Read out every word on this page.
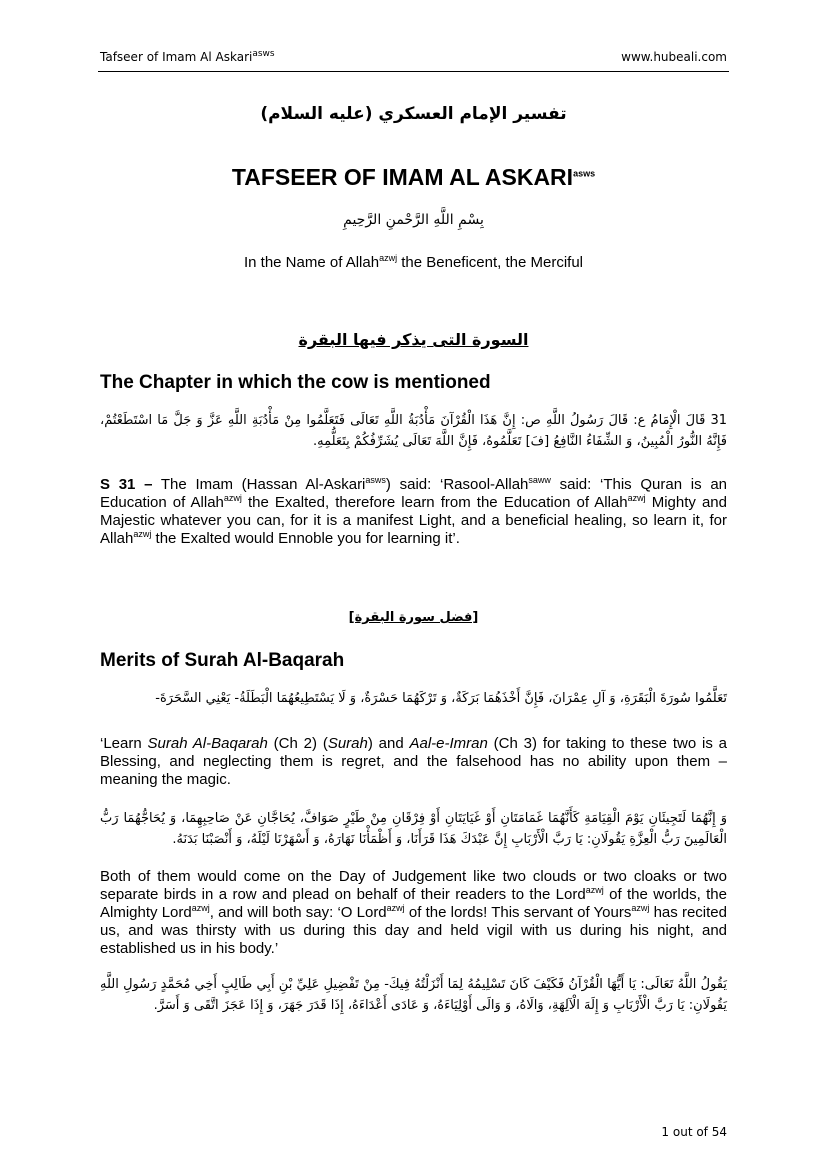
Tafseer of Imam Al Askari$^{asws}$	www.hubeali.com
تفسير الإمام العسكري (عليه السلام)
TAFSEER OF IMAM AL $ASKARI^{asws}$
بِسْمِ اللَّهِ الرَّحْمنِ الرَّحِيمِ
In the Name of Allah$^{azwj}$ the Beneficent, the Merciful
السورة التى يذكر فيها البقرة
The Chapter in which the cow is mentioned
31 قَالَ الْإِمَامُ ع: قَالَ رَسُولُ اللَّهِ ص: إِنَّ هَذَا الْقُرْآنَ مَأْدُبَةُ اللَّهِ تَعَالَى فَتَعَلَّمُوا مِنْ مَأْدُبَةِ اللَّهِ عَزَّ وَ جَلَّ مَا اسْتَطَعْتُمْ، فَإِنَّهُ النُّورُ الْمُبِينُ، وَ الشِّفَاءُ النَّافِعُ [فَ] تَعَلَّمُوهُ، فَإِنَّ اللَّهَ تَعَالَى يُشَرِّفُكُمْ بِتَعَلُّمِهِ.
S 31 – The Imam (Hassan Al-Askari$^{asws}$) said: ‘Rasool-Allah$^{saww}$ said: ‘This Quran is an Education of Allah$^{azwj}$ the Exalted, therefore learn from the Education of Allah$^{azwj}$ Mighty and Majestic whatever you can, for it is a manifest Light, and a beneficial healing, so learn it, for Allah$^{azwj}$ the Exalted would Ennoble you for learning it’.
[فضل سورة البقرة]
Merits of Surah Al-Baqarah
تَعَلَّمُوا سُورَةَ الْبَقَرَةِ، وَ آلِ عِمْرَانَ، فَإِنَّ أَخْذَهُمَا بَرَكَةٌ، وَ تَرْكَهُمَا حَسْرَةٌ، وَ لَا يَسْتَطِيعُهُمَا الْبَطَلَةُ- يَعْنِي السَّحَرَةَ-
‘Learn Surah Al-Baqarah (Ch 2) (Surah) and Aal-e-Imran (Ch 3) for taking to these two is a Blessing, and neglecting them is regret, and the falsehood has no ability upon them – meaning the magic.
وَ إِنَّهُمَا لَتَجِيئَانِ يَوْمَ الْقِيَامَةِ كَأَنَّهُمَا غَمَامَتَانِ أَوْ غَيَايَتَانِ أَوْ فِرْقَانِ مِنْ طَيْرٍ صَوَافَّ، يُحَاجَّانِ عَنْ صَاحِبِهِمَا، وَ يُحَاجُّهُمَا رَبُّ الْعَالَمِينَ رَبُّ الْعِزَّةِ يَقُولَانِ: يَا رَبَّ الْأَرْبَابِ إِنَّ عَبْدَكَ هَذَا قَرَأَنَا، وَ أَظْمَأْنَا نَهَارَهُ، وَ أَسْهَرْنَا لَيْلَهُ، وَ أَنْصَبْنَا بَدَنَهُ.
Both of them would come on the Day of Judgement like two clouds or two cloaks or two separate birds in a row and plead on behalf of their readers to the Lord$^{azwj}$ of the worlds, the Almighty Lord$^{azwj}$, and will both say: ‘O Lord$^{azwj}$ of the lords! This servant of Yours$^{azwj}$ has recited us, and was thirsty with us during this day and held vigil with us during his night, and established us in his body.’
يَقُولُ اللَّهُ تَعَالَى: يَا أَيُّهَا الْقُرْآنُ فَكَيْفَ كَانَ تَسْلِيمُهُ لِمَا أَنْزَلْتُهُ فِيكَ- مِنْ تَفْضِيلِ عَلِيِّ بْنِ أَبِي طَالِبٍ أَخِي مُحَمَّدٍ رَسُولِ اللَّهِ يَقُولَانِ: يَا رَبَّ الْأَرْبَابِ وَ إِلَهَ الْآلِهَةِ، وَالَاهُ، وَ وَالَى أَوْلِيَاءَهُ، وَ عَادَى أَعْدَاءَهُ، إِذَا قَدَرَ جَهَرَ، وَ إِذَا عَجَزَ اتَّقَى وَ أَسَرَّ.
1 out of 54
